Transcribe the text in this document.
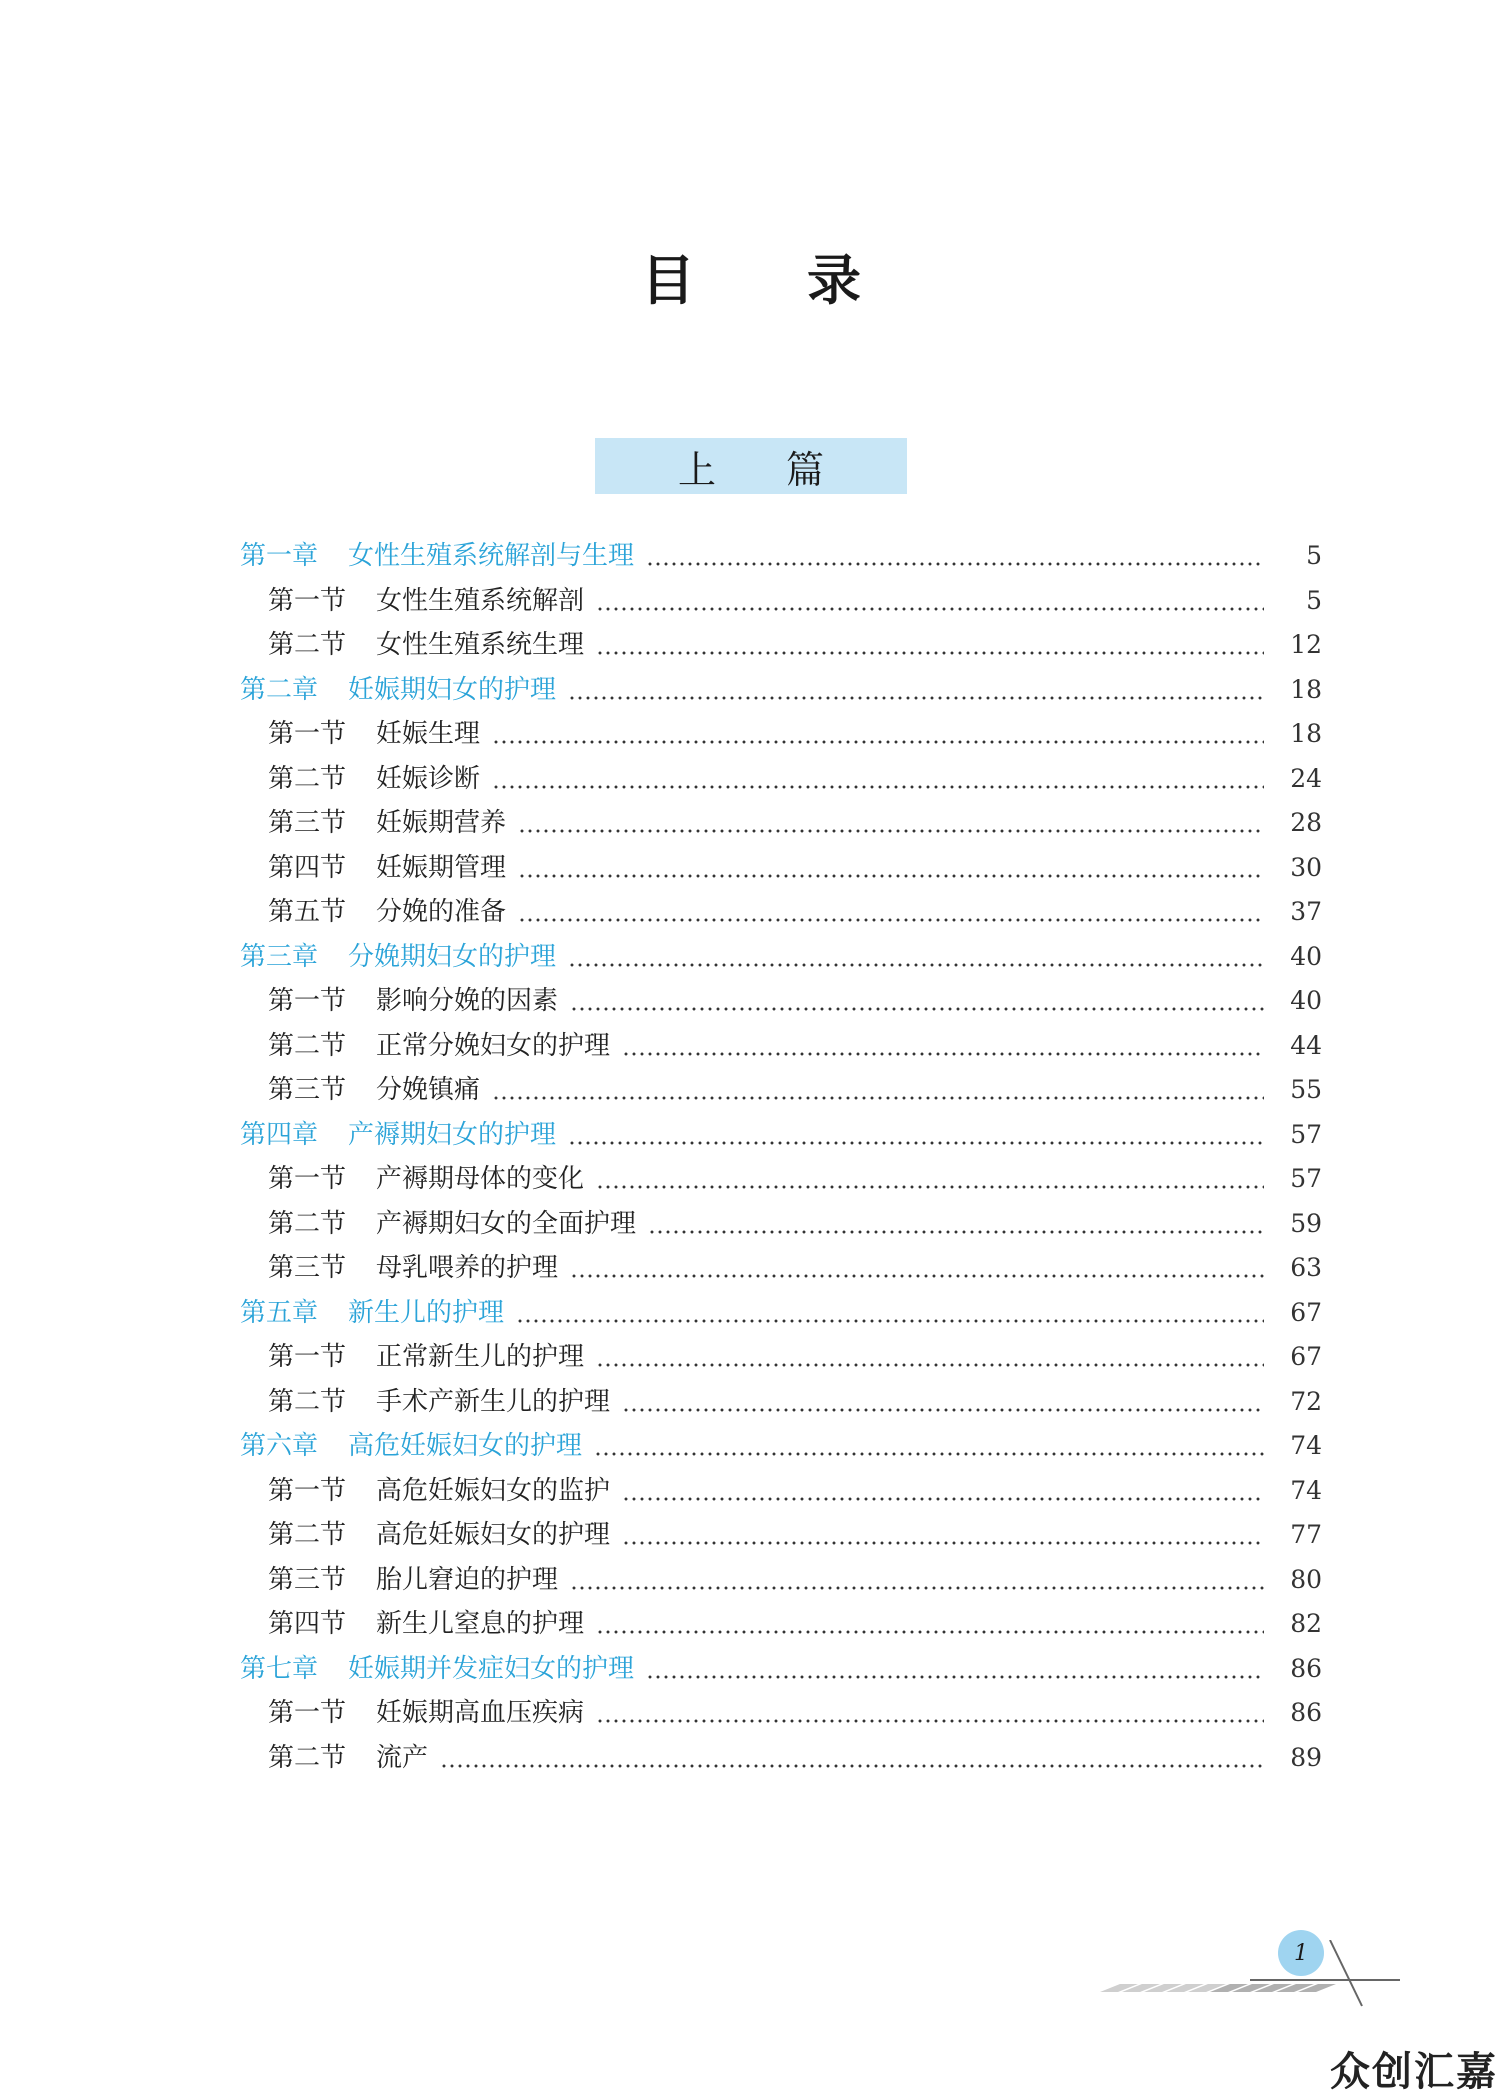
目 录
上 篇
第一章 女性生殖系统解剖与生理	5
第一节 女性生殖系统解剖	5
第二节 女性生殖系统生理	12
第二章 妊娠期妇女的护理	18
第一节 妊娠生理	18
第二节 妊娠诊断	24
第三节 妊娠期营养	28
第四节 妊娠期管理	30
第五节 分娩的准备	37
第三章 分娩期妇女的护理	40
第一节 影响分娩的因素	40
第二节 正常分娩妇女的护理	44
第三节 分娩镇痛	55
第四章 产褥期妇女的护理	57
第一节 产褥期母体的变化	57
第二节 产褥期妇女的全面护理	59
第三节 母乳喂养的护理	63
第五章 新生儿的护理	67
第一节 正常新生儿的护理	67
第二节 手术产新生儿的护理	72
第六章 高危妊娠妇女的护理	74
第一节 高危妊娠妇女的监护	74
第二节 高危妊娠妇女的护理	77
第三节 胎儿窘迫的护理	80
第四节 新生儿窒息的护理	82
第七章 妊娠期并发症妇女的护理	86
第一节 妊娠期高血压疾病	86
第二节 流产	89
1
众创汇嘉
